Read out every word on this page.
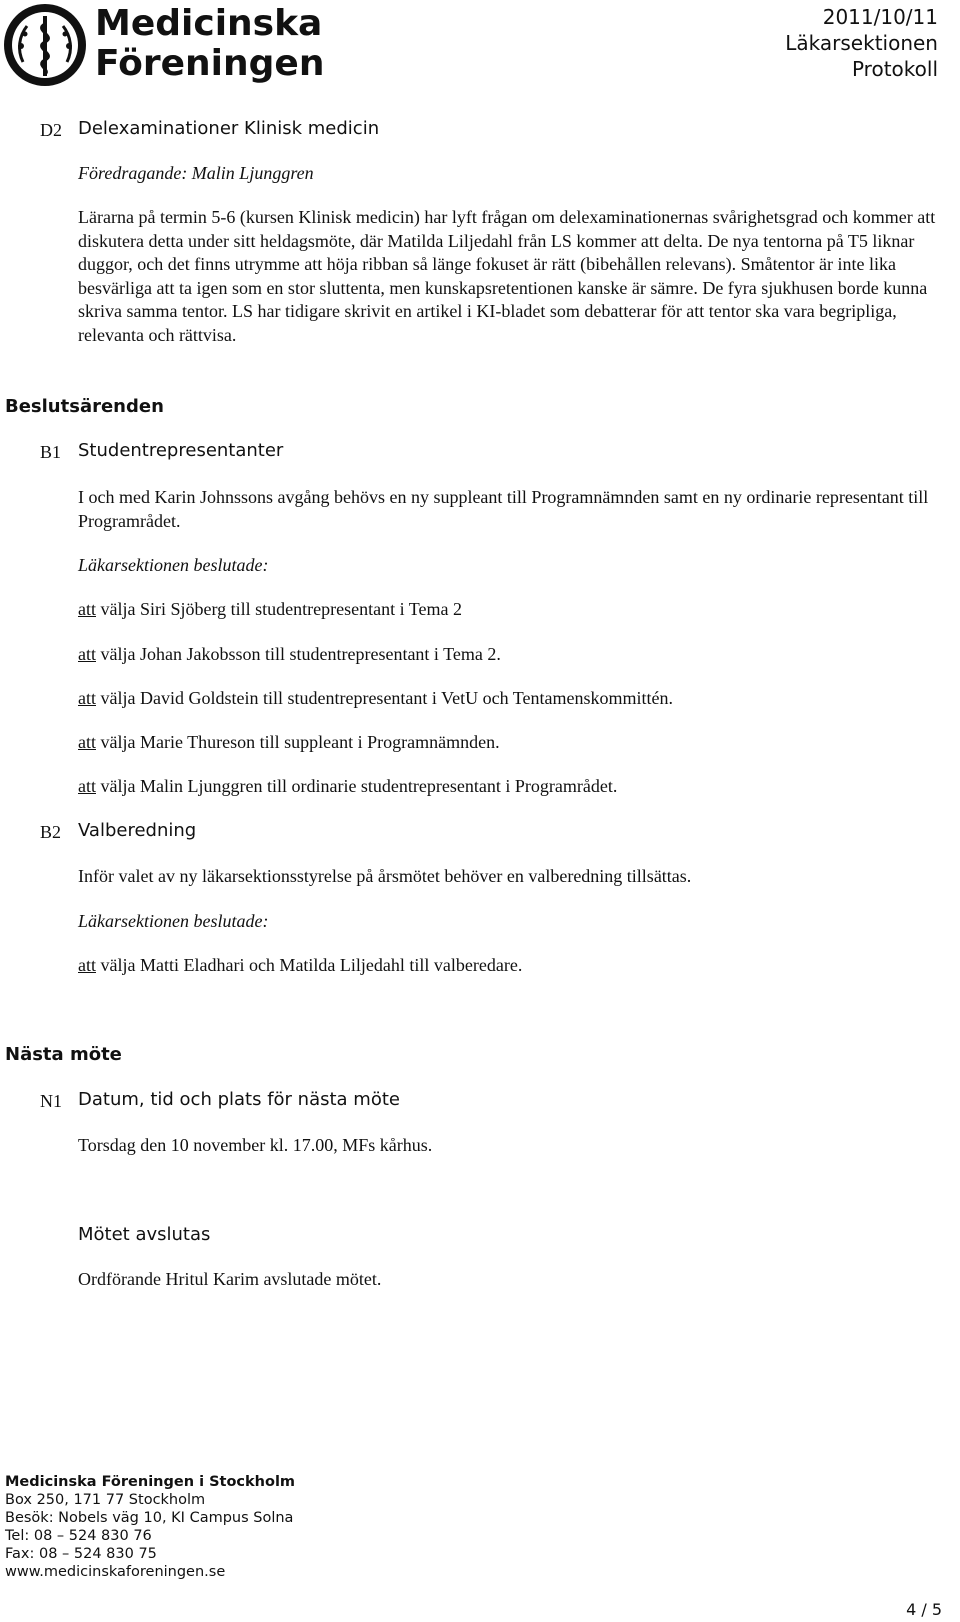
Medicinska
Föreningen
2011/10/11
Läkarsektionen
Protokoll
D2 Delexaminationer Klinisk medicin
Föredragande: Malin Ljunggren
Lärarna på termin 5-6 (kursen Klinisk medicin) har lyft frågan om delexaminationernas svårighetsgrad och kommer att diskutera detta under sitt heldagsmöte, där Matilda Liljedahl från LS kommer att delta. De nya tentorna på T5 liknar duggor, och det finns utrymme att höja ribban så länge fokuset är rätt (bibehållen relevans). Småtentor är inte lika besvärliga att ta igen som en stor sluttenta, men kunskapsretentionen kanske är sämre. De fyra sjukhusen borde kunna skriva samma tentor. LS har tidigare skrivit en artikel i KI-bladet som debatterar för att tentor ska vara begripliga, relevanta och rättvisa.
Beslutsärenden
B1 Studentrepresentanter
I och med Karin Johnssons avgång behövs en ny suppleant till Programnämnden samt en ny ordinarie representant till Programrådet.
Läkarsektionen beslutade:
att välja Siri Sjöberg till studentrepresentant i Tema 2
att välja Johan Jakobsson till studentrepresentant i Tema 2.
att välja David Goldstein till studentrepresentant i VetU och Tentamenskommittén.
att välja Marie Thureson till suppleant i Programnämnden.
att välja Malin Ljunggren till ordinarie studentrepresentant i Programrådet.
B2 Valberedning
Inför valet av ny läkarsektionsstyrelse på årsmötet behöver en valberedning tillsättas.
Läkarsektionen beslutade:
att välja Matti Eladhari och Matilda Liljedahl till valberedare.
Nästa möte
N1 Datum, tid och plats för nästa möte
Torsdag den 10 november kl. 17.00, MFs kårhus.
Mötet avslutas
Ordförande Hritul Karim avslutade mötet.
Medicinska Föreningen i Stockholm
Box 250, 171 77 Stockholm
Besök: Nobels väg 10, KI Campus Solna
Tel: 08 – 524 830 76
Fax: 08 – 524 830 75
www.medicinskaforeningen.se
4 / 5
